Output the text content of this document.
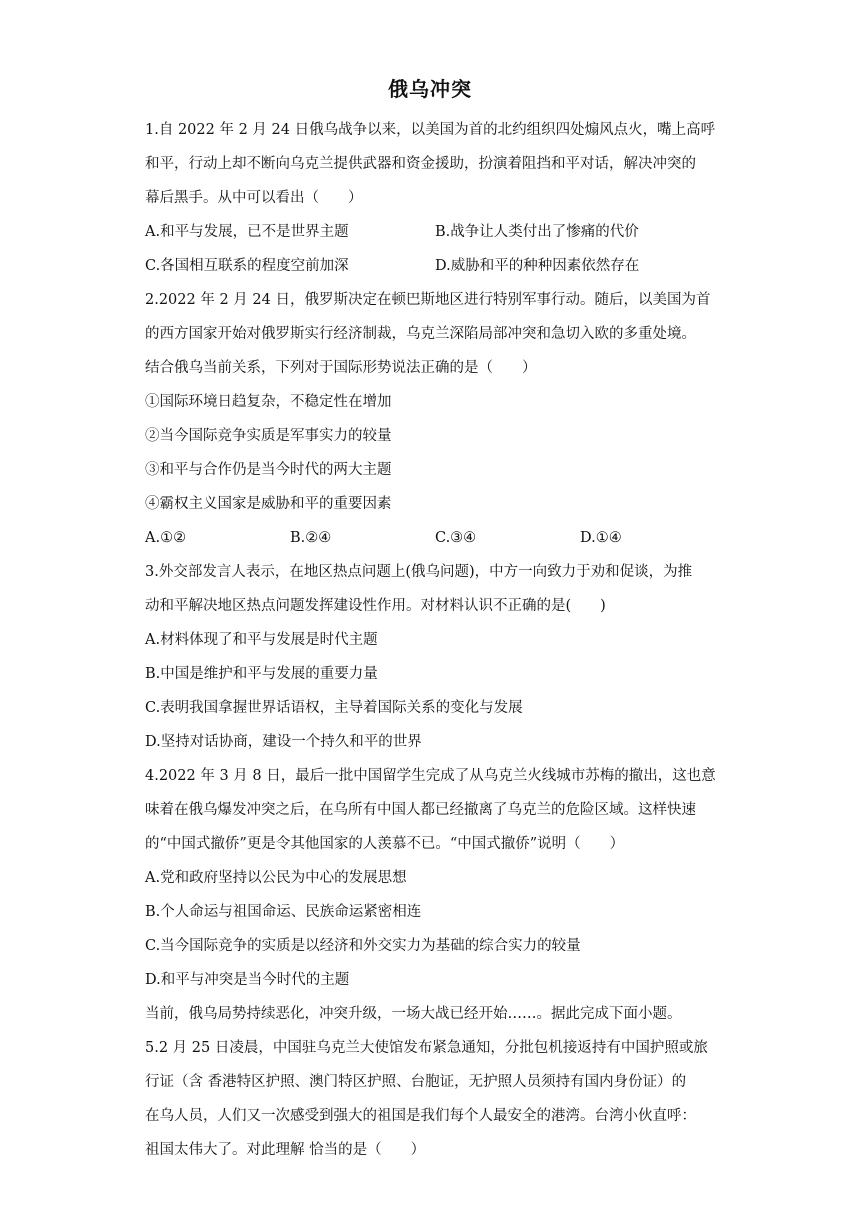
俄乌冲突
1.自 2022 年 2 月 24 日俄乌战争以来，以美国为首的北约组织四处煽风点火，嘴上高呼
和平，行动上却不断向乌克兰提供武器和资金援助，扮演着阻挡和平对话，解决冲突的
幕后黑手。从中可以看出（　　）
A.和平与发展，已不是世界主题	B.战争让人类付出了惨痛的代价
C.各国相互联系的程度空前加深	D.威胁和平的种种因素依然存在
2.2022 年 2 月 24 日，俄罗斯决定在顿巴斯地区进行特别军事行动。随后，以美国为首
的西方国家开始对俄罗斯实行经济制裁，乌克兰深陷局部冲突和急切入欧的多重处境。
结合俄乌当前关系，下列对于国际形势说法正确的是（　　）
①国际环境日趋复杂，不稳定性在增加
②当今国际竞争实质是军事实力的较量
③和平与合作仍是当今时代的两大主题
④霸权主义国家是威胁和平的重要因素
A.①②	B.②④	C.③④	D.①④
3.外交部发言人表示，在地区热点问题上(俄乌问题)，中方一向致力于劝和促谈，为推
动和平解决地区热点问题发挥建设性作用。对材料认识不正确的是(　　)
A.材料体现了和平与发展是时代主题
B.中国是维护和平与发展的重要力量
C.表明我国拿握世界话语权，主导着国际关系的变化与发展
D.坚持对话协商，建设一个持久和平的世界
4.2022 年 3 月 8 日，最后一批中国留学生完成了从乌克兰火线城市苏梅的撤出，这也意
味着在俄乌爆发冲突之后，在乌所有中国人都已经撤离了乌克兰的危险区域。这样快速
的“中国式撤侨”更是令其他国家的人羡慕不已。“中国式撤侨”说明（　　）
A.党和政府坚持以公民为中心的发展思想
B.个人命运与祖国命运、民族命运紧密相连
C.当今国际竞争的实质是以经济和外交实力为基础的综合实力的较量
D.和平与冲突是当今时代的主题
当前，俄乌局势持续恶化，冲突升级，一场大战已经开始……。据此完成下面小题。
5.2 月 25 日凌晨，中国驻乌克兰大使馆发布紧急通知，分批包机接返持有中国护照或旅
行证（含 香港特区护照、澳门特区护照、台胞证，无护照人员须持有国内身份证）的
在乌人员，人们又一次感受到强大的祖国是我们每个人最安全的港湾。台湾小伙直呼：
祖国太伟大了。对此理解 恰当的是（　　）
